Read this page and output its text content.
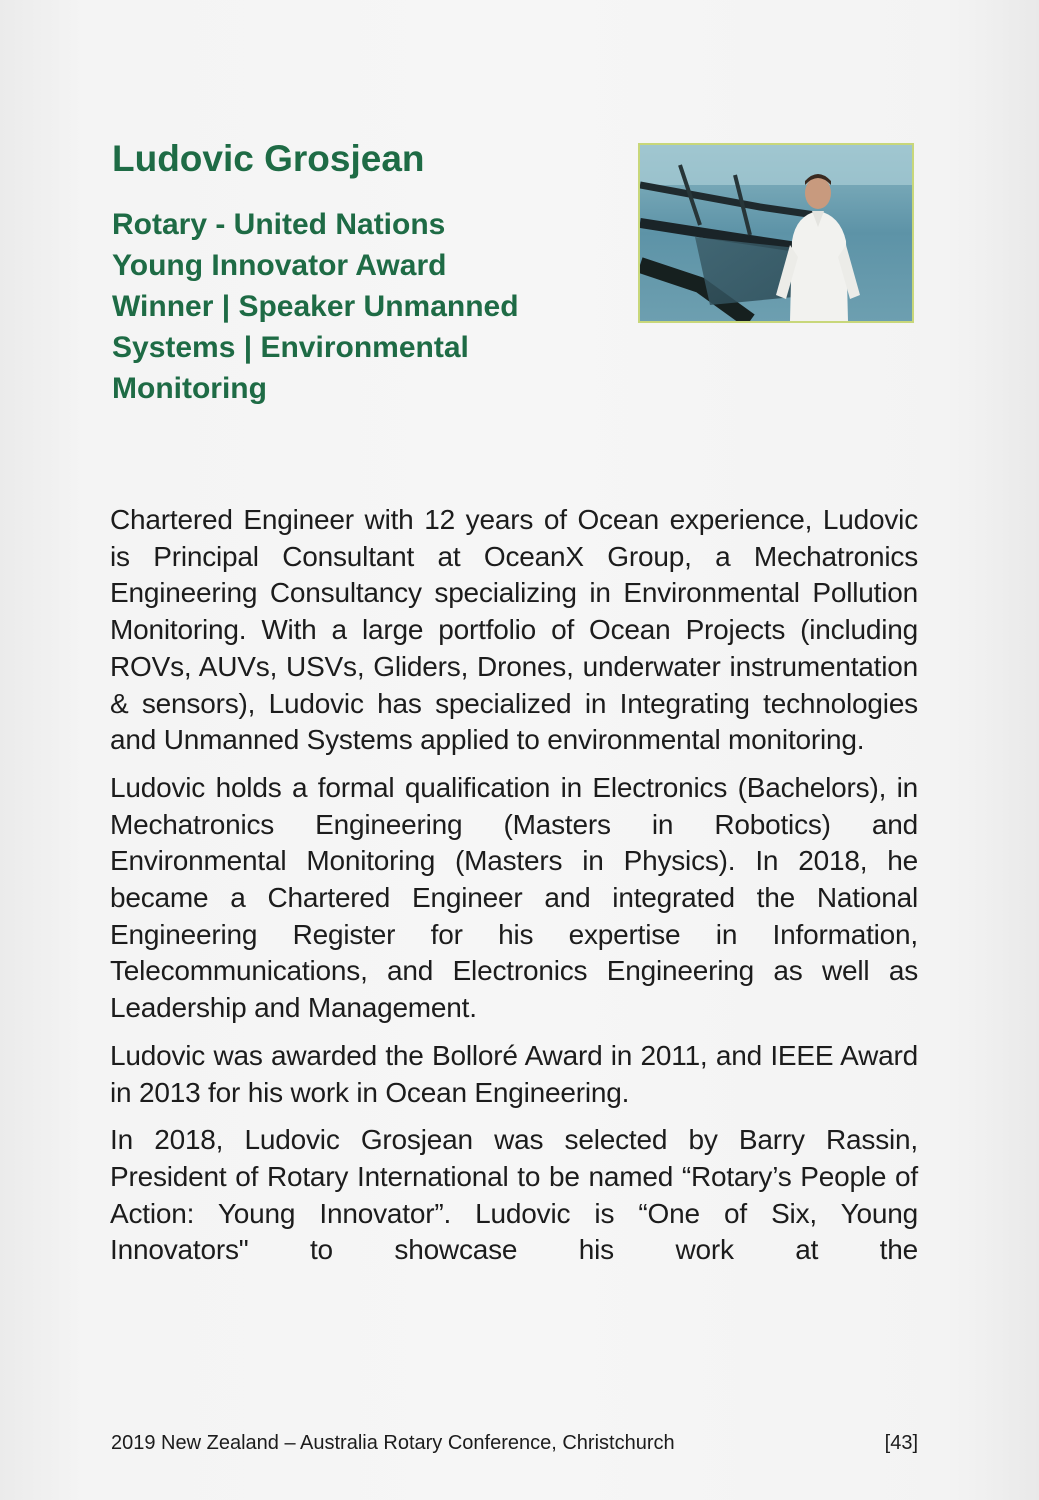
Ludovic Grosjean
Rotary - United Nations
Young Innovator Award
Winner | Speaker Unmanned
Systems | Environmental
Monitoring

Chartered Engineer with 12 years of Ocean experience, Ludovic is Principal Consultant at OceanX Group, a Mechatronics Engineering Consultancy specializing in Environmental Pollution Monitoring. With a large portfolio of Ocean Projects (including ROVs, AUVs, USVs, Gliders, Drones, underwater instrumentation & sensors), Ludovic has specialized in Integrating technologies and Unmanned Systems applied to environmental monitoring.

Ludovic holds a formal qualification in Electronics (Bachelors), in Mechatronics Engineering (Masters in Robotics) and Environmental Monitoring (Masters in Physics). In 2018, he became a Chartered Engineer and integrated the National Engineering Register for his expertise in Information, Telecommunications, and Electronics Engineering as well as Leadership and Management.

Ludovic was awarded the Bolloré Award in 2011, and IEEE Award in 2013 for his work in Ocean Engineering.

In 2018, Ludovic Grosjean was selected by Barry Rassin, President of Rotary International to be named “Rotary’s People of Action: Young Innovator”. Ludovic is “One of Six, Young Innovators" to showcase his work at the

2019 New Zealand – Australia Rotary Conference, Christchurch	[43]
